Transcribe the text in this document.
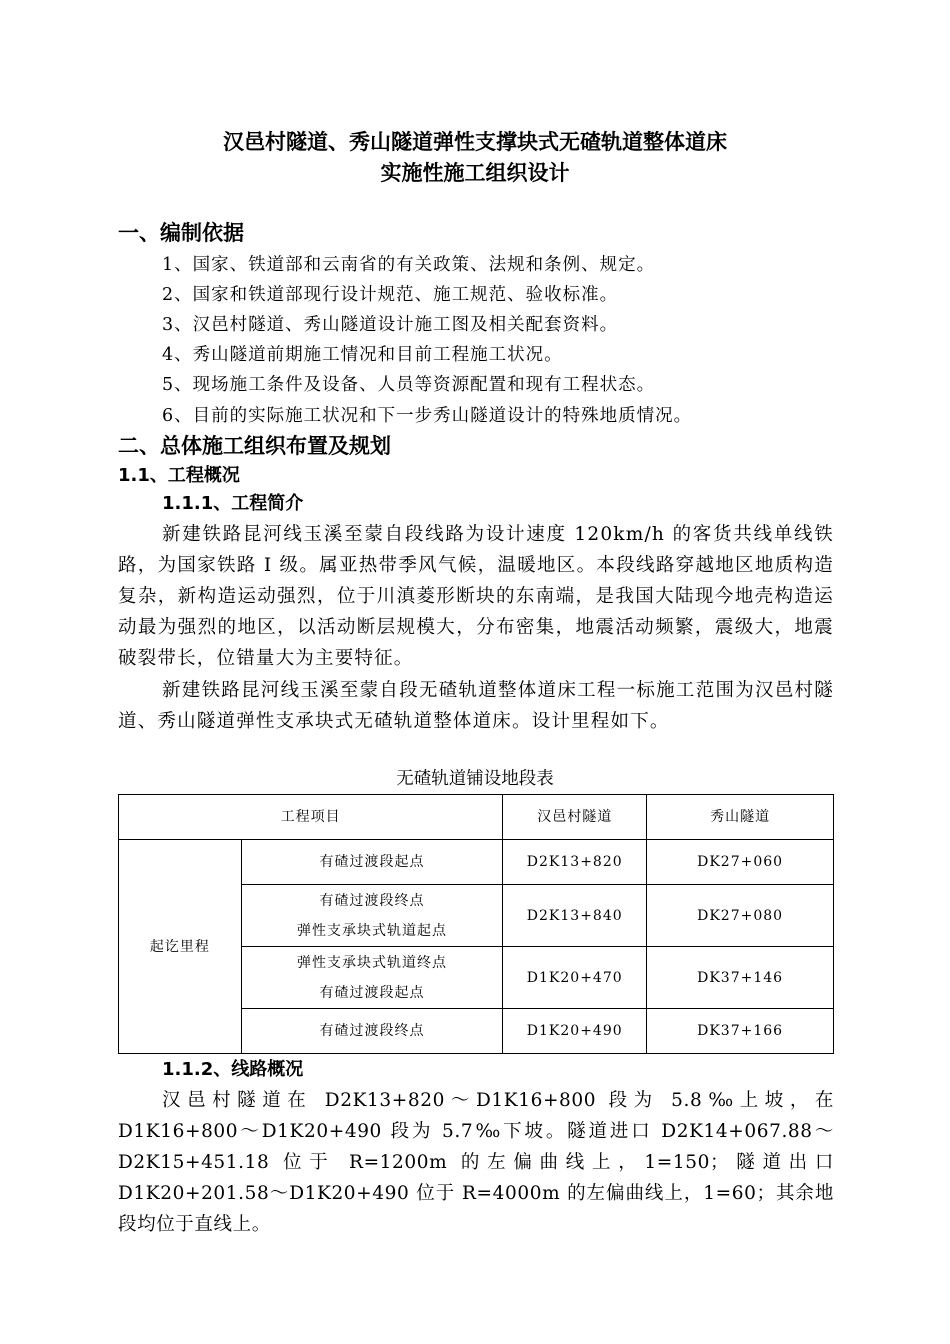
汉邑村隧道、秀山隧道弹性支撑块式无碴轨道整体道床
实施性施工组织设计
一、编制依据
1、国家、铁道部和云南省的有关政策、法规和条例、规定。
2、国家和铁道部现行设计规范、施工规范、验收标准。
3、汉邑村隧道、秀山隧道设计施工图及相关配套资料。
4、秀山隧道前期施工情况和目前工程施工状况。
5、现场施工条件及设备、人员等资源配置和现有工程状态。
6、目前的实际施工状况和下一步秀山隧道设计的特殊地质情况。
二、总体施工组织布置及规划
1.1、工程概况
1.1.1、工程简介
新建铁路昆河线玉溪至蒙自段线路为设计速度 120km/h 的客货共线单线铁路，为国家铁路 I 级。属亚热带季风气候，温暖地区。本段线路穿越地区地质构造复杂，新构造运动强烈，位于川滇菱形断块的东南端，是我国大陆现今地壳构造运动最为强烈的地区，以活动断层规模大，分布密集，地震活动频繁，震级大，地震破裂带长，位错量大为主要特征。
新建铁路昆河线玉溪至蒙自段无碴轨道整体道床工程一标施工范围为汉邑村隧道、秀山隧道弹性支承块式无碴轨道整体道床。设计里程如下。
无碴轨道铺设地段表
工程项目		汉邑村隧道	秀山隧道
起讫里程	有碴过渡段起点	D2K13+820	DK27+060

	有碴过渡段终点
弹性支承块式轨道起点	D2K13+840	DK27+080

	弹性支承块式轨道终点
有碴过渡段起点	D1K20+470	DK37+146
	有碴过渡段终点	D1K20+490	DK37+166
1.1.2、线路概况
汉邑村隧道在 D2K13+820～D1K16+800 段为 5.8‰上坡，在 D1K16+800～D1K20+490 段为 5.7‰下坡。隧道进口 D2K14+067.88～D2K15+451.18 位于 R=1200m 的左偏曲线上，1=150；隧道出口 D1K20+201.58～D1K20+490 位于 R=4000m 的左偏曲线上，1=60；其余地段均位于直线上。
